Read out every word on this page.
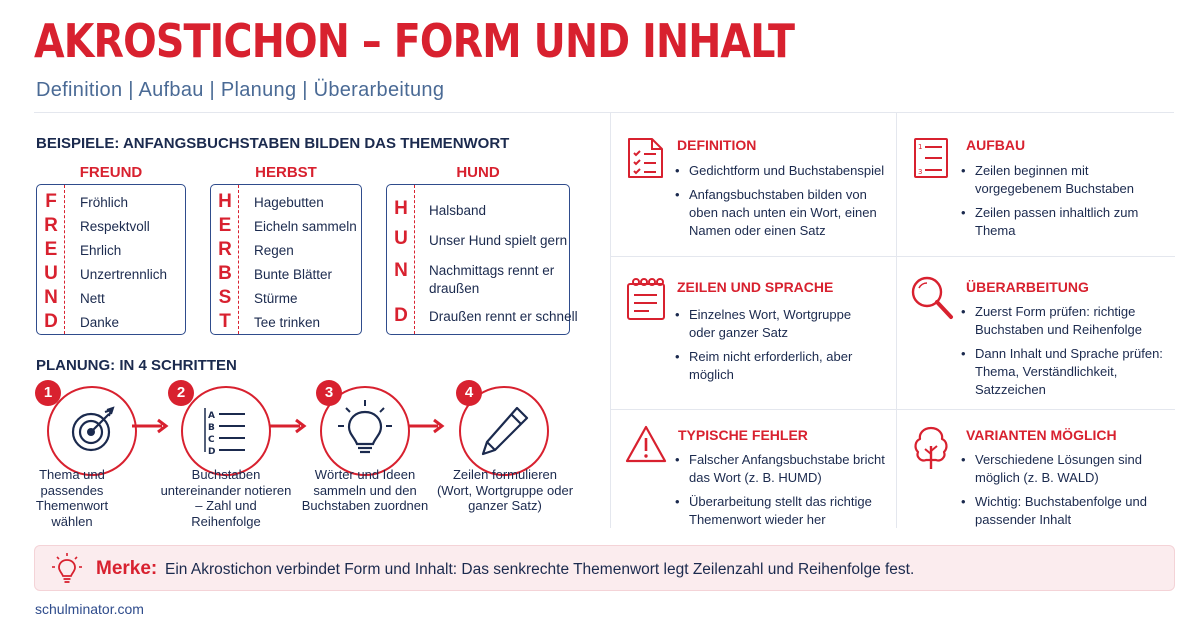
AKROSTICHON – FORM UND INHALT
Definition | Aufbau | Planung | Überarbeitung
BEISPIELE: ANFANGSBUCHSTABEN BILDEN DAS THEMENWORT
FREUND
F
R
E
U
N
D
Fröhlich
Respektvoll
Ehrlich
Unzertrennlich
Nett
Danke
HERBST
H
E
R
B
S
T
Hagebutten
Eicheln sammeln
Regen
Bunte Blätter
Stürme
Tee trinken
HUND
H
U
N
D
Halsband
Unser Hund spielt gern
Nachmittags rennt er draußen
Draußen rennt er schnell
PLANUNG: IN 4 SCHRITTEN
1
Thema und passendes Themenwort wählen
A
B
C
D
2
Buchstaben untereinander notieren – Zahl und Reihenfolge
3
Wörter und Ideen sammeln und den Buchstaben zuordnen
4
Zeilen formulieren (Wort, Wortgruppe oder ganzer Satz)
DEFINITION
• Gedichtform und Buchstabenspiel
• Anfangsbuchstaben bilden von oben nach unten ein Wort, einen Namen oder einen Satz
1
3
AUFBAU
• Zeilen beginnen mit vorgegebenem Buchstaben
• Zeilen passen inhaltlich zum Thema
ZEILEN UND SPRACHE
• Einzelnes Wort, Wortgruppe oder ganzer Satz
• Reim nicht erforderlich, aber möglich
ÜBERARBEITUNG
• Zuerst Form prüfen: richtige Buchstaben und Reihenfolge
• Dann Inhalt und Sprache prüfen: Thema, Verständlichkeit, Satzzeichen
TYPISCHE FEHLER
• Falscher Anfangsbuchstabe bricht das Wort (z. B. HUMD)
• Überarbeitung stellt das richtige Themenwort wieder her
VARIANTEN MÖGLICH
• Verschiedene Lösungen sind möglich (z. B. WALD)
• Wichtig: Buchstabenfolge und passender Inhalt
Merke: Ein Akrostichon verbindet Form und Inhalt: Das senkrechte Themenwort legt Zeilenzahl und Reihenfolge fest.
schulminator.com
